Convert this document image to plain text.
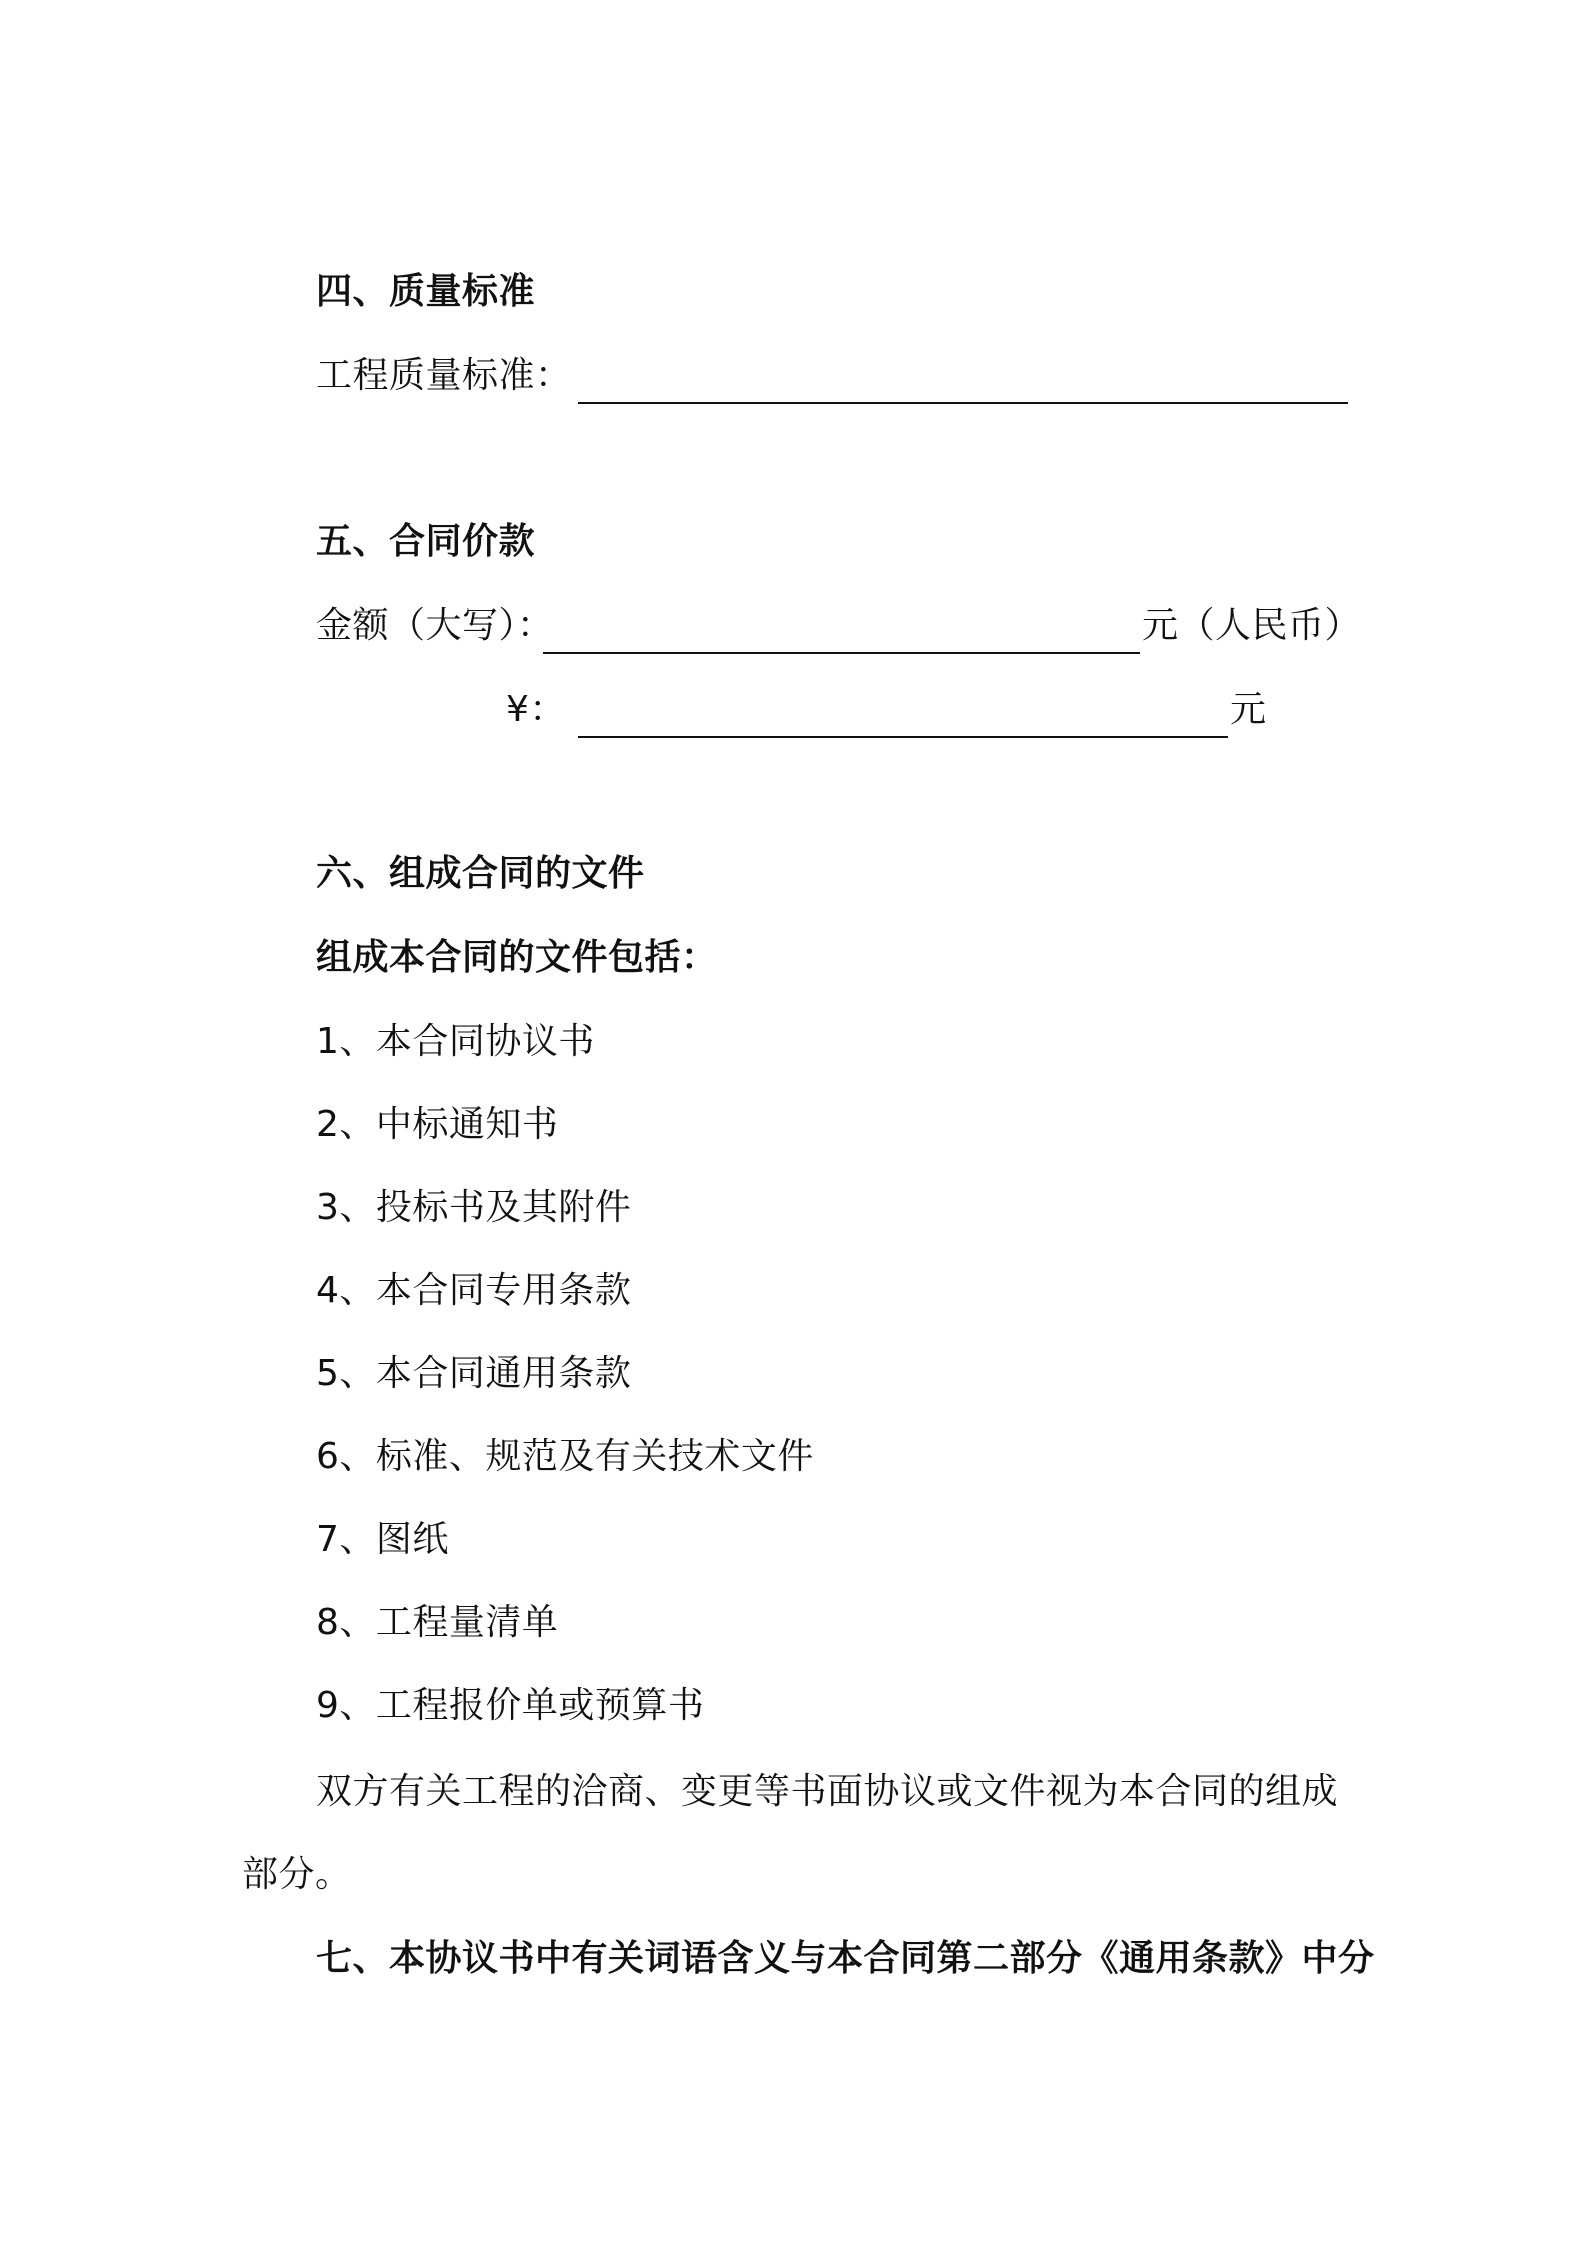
四、质量标准
工程质量标准：
五、合同价款
金额（大写）：	元（人民币）
¥：	元
六、组成合同的文件
组成本合同的文件包括：
1、本合同协议书
2、中标通知书
3、投标书及其附件
4、本合同专用条款
5、本合同通用条款
6、标准、规范及有关技术文件
7、图纸
8、工程量清单
9、工程报价单或预算书
双方有关工程的洽商、变更等书面协议或文件视为本合同的组成
部分。
七、本协议书中有关词语含义与本合同第二部分《通用条款》中分
